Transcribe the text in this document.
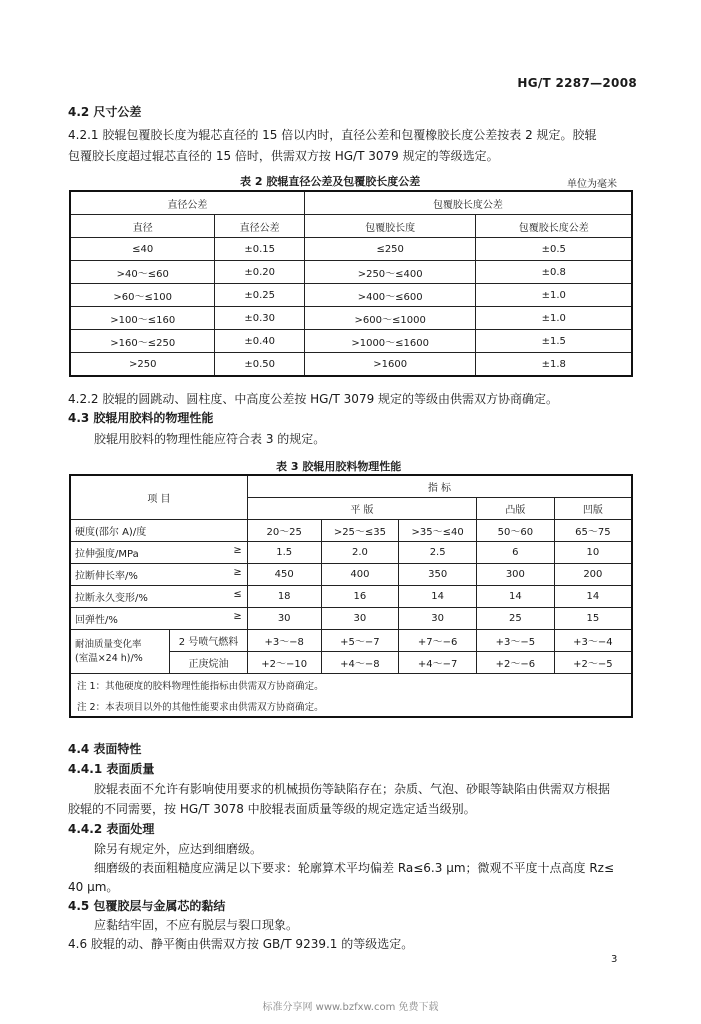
HG/T 2287—2008
4.2 尺寸公差
4.2.1 胶辊包覆胶长度为辊芯直径的 15 倍以内时，直径公差和包覆橡胶长度公差按表 2 规定。胶辊
包覆胶长度超过辊芯直径的 15 倍时，供需双方按 HG/T 3079 规定的等级选定。
表 2 胶辊直径公差及包覆胶长度公差	单位为毫米
直径公差		包覆胶长度公差	
直径	直径公差	包覆胶长度	包覆胶长度公差
≤40	±0.15	≤250	±0.5
>40～≤60	±0.20	>250～≤400	±0.8
>60～≤100	±0.25	>400～≤600	±1.0
>100～≤160	±0.30	>600～≤1000	±1.0
>160～≤250	±0.40	>1000～≤1600	±1.5
>250	±0.50	>1600	±1.8
4.2.2 胶辊的圆跳动、圆柱度、中高度公差按 HG/T 3079 规定的等级由供需双方协商确定。
4.3 胶辊用胶料的物理性能
胶辊用胶料的物理性能应符合表 3 的规定。
表 3 胶辊用胶料物理性能
项 目		指 标				
		平 版			凸版	凹版
硬度(邵尔 A)/度		20～25	>25～≤35	>35～≤40	50～60	65～75
拉伸强度/MPa ≥		1.5	2.0	2.5	6	10
拉断伸长率/% ≥		450	400	350	300	200
拉断永久变形/% ≤		18	16	14	14	14
回弹性/% ≥		30	30	30	25	15
耐油质量变化率
(室温×24 h)/%	2 号喷气燃料	+3～−8	+5～−7	+7～−6	+3～−5	+3～−4
	正庚烷油	+2～−10	+4～−8	+4～−7	+2～−6	+2～−5
注 1：其他硬度的胶料物理性能指标由供需双方协商确定。						
注 2：本表项目以外的其他性能要求由供需双方协商确定。						
4.4 表面特性
4.4.1 表面质量
胶辊表面不允许有影响使用要求的机械损伤等缺陷存在；杂质、气泡、砂眼等缺陷由供需双方根据
胶辊的不同需要，按 HG/T 3078 中胶辊表面质量等级的规定选定适当级别。
4.4.2 表面处理
除另有规定外，应达到细磨级。
细磨级的表面粗糙度应满足以下要求：轮廓算术平均偏差 Ra≤6.3 μm；微观不平度十点高度 Rz≤
40 μm。
4.5 包覆胶层与金属芯的黏结
应黏结牢固，不应有脱层与裂口现象。
4.6 胶辊的动、静平衡由供需双方按 GB/T 9239.1 的等级选定。
3
标准分享网 www.bzfxw.com 免费下载
